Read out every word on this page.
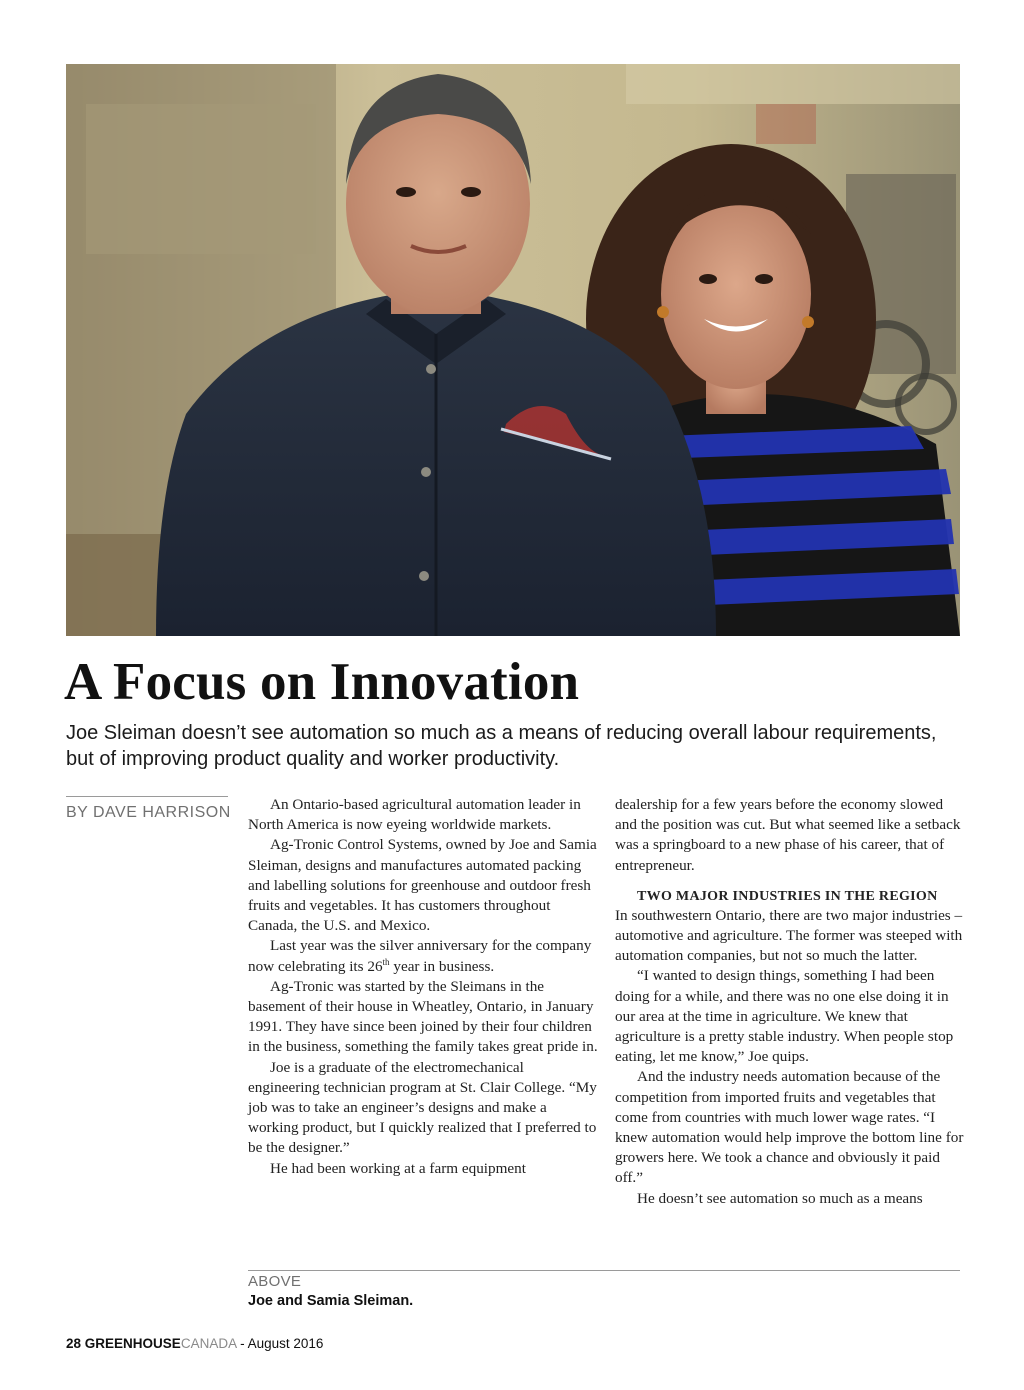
A Focus on Innovation

Joe Sleiman doesn’t see automation so much as a means of reducing overall labour requirements, but of improving product quality and worker productivity.

BY DAVE HARRISON	An Ontario-based agricultural automation leader in North America is now eyeing worldwide markets.

Ag-Tronic Control Systems, owned by Joe and Samia Sleiman, designs and manufactures automated packing and labelling solutions for greenhouse and outdoor fresh fruits and vegetables. It has customers throughout Canada, the U.S. and Mexico.

Last year was the silver anniversary for the company now celebrating its 26th year in business.

Ag-Tronic was started by the Sleimans in the basement of their house in Wheatley, Ontario, in January 1991. They have since been joined by their four children in the business, something the family takes great pride in.

Joe is a graduate of the electromechanical engineering technician program at St. Clair College. “My job was to take an engineer’s designs and make a working product, but I quickly realized that I preferred to be the designer.”

He had been working at a farm equipment

dealership for a few years before the economy slowed and the position was cut. But what seemed like a setback was a springboard to a new phase of his career, that of entrepreneur.

TWO MAJOR INDUSTRIES IN THE REGION

In southwestern Ontario, there are two major industries – automotive and agriculture. The former was steeped with automation companies, but not so much the latter.

“I wanted to design things, something I had been doing for a while, and there was no one else doing it in our area at the time in agriculture. We knew that agriculture is a pretty stable industry. When people stop eating, let me know,” Joe quips.

And the industry needs automation because of the competition from imported fruits and vegetables that come from countries with much lower wage rates. “I knew automation would help improve the bottom line for growers here. We took a chance and obviously it paid off.”

He doesn’t see automation so much as a means

ABOVE
Joe and Samia Sleiman.
28 GREENHOUSECANADA - August 2016
